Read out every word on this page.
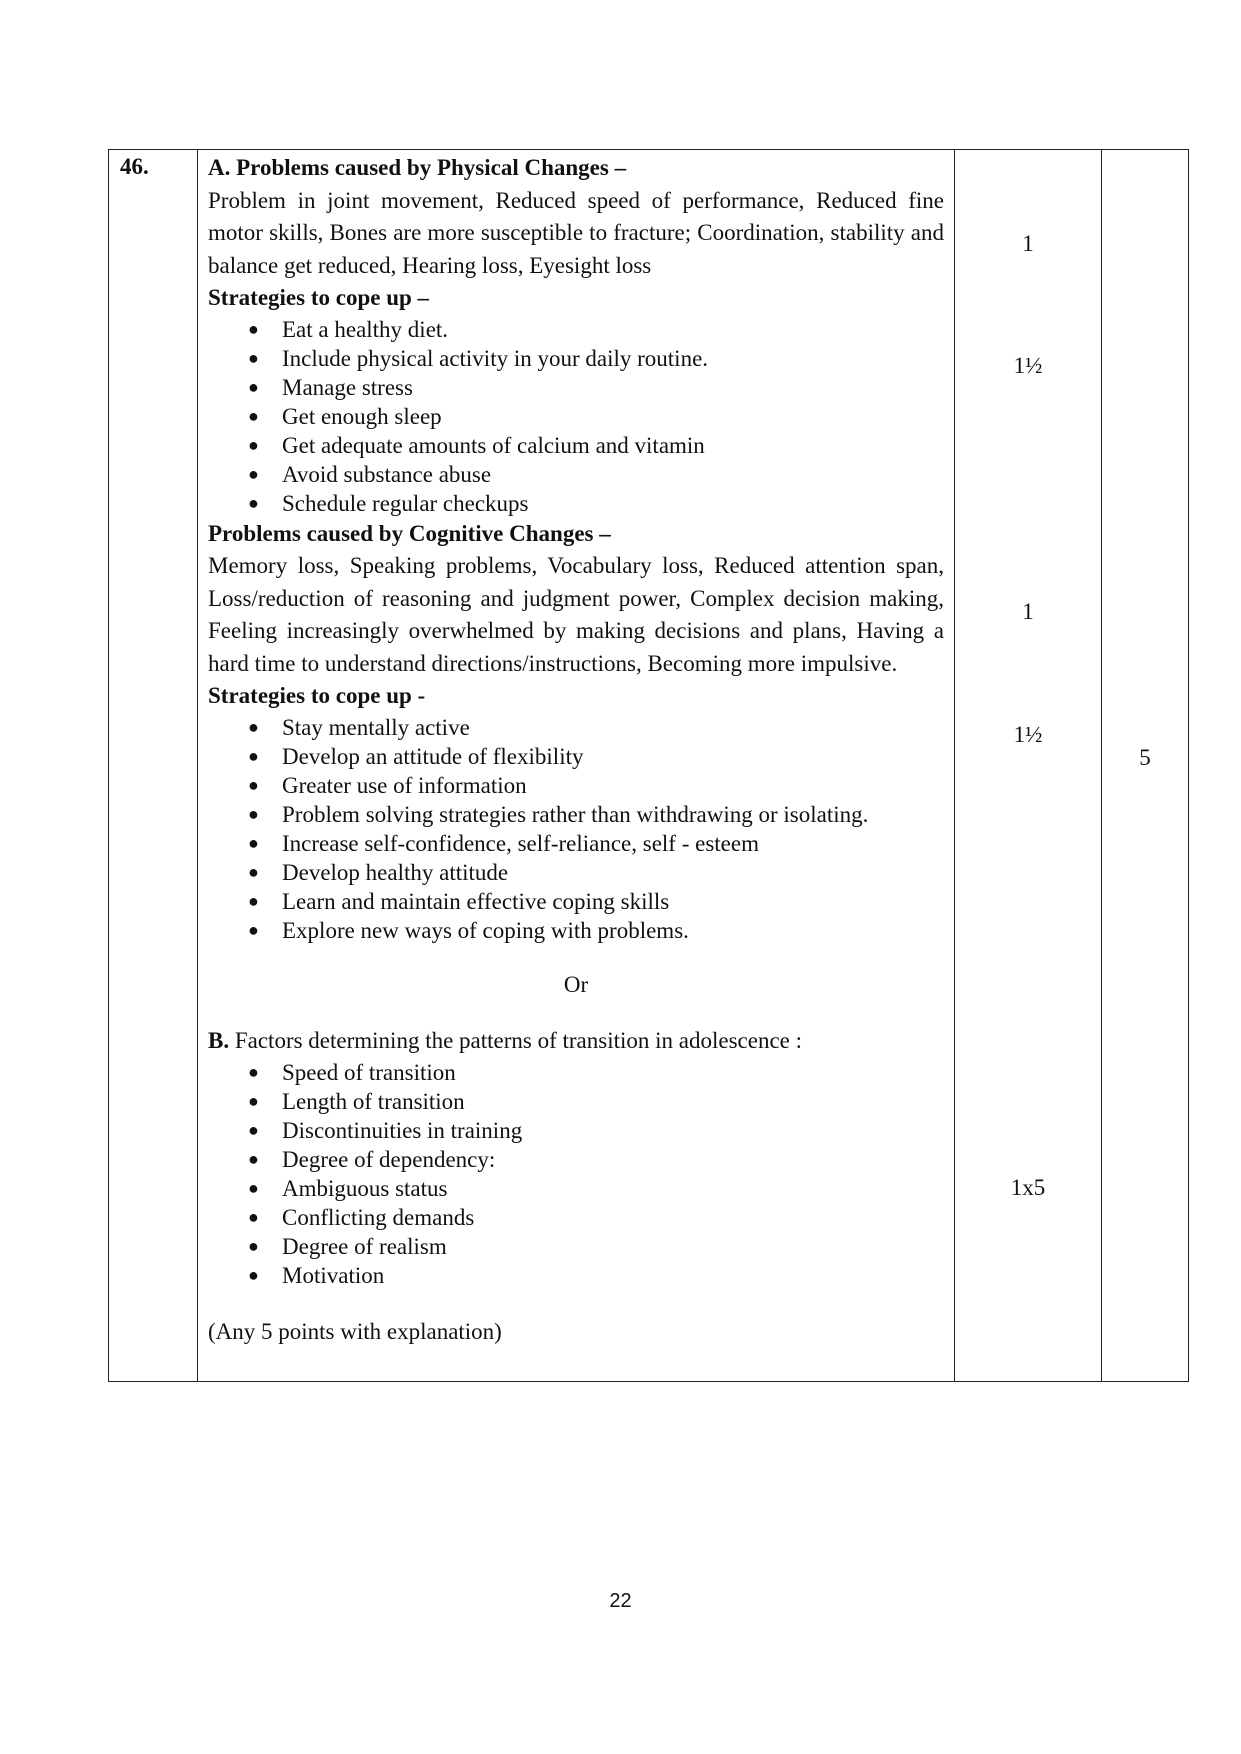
46.	A. Problems caused by Physical Changes –

Problem in joint movement, Reduced speed of performance, Reduced fine motor skills, Bones are more susceptible to fracture; Coordination, stability and balance get reduced, Hearing loss, Eyesight loss

Strategies to cope up –

● Eat a healthy diet.
● Include physical activity in your daily routine.
● Manage stress
● Get enough sleep
● Get adequate amounts of calcium and vitamin
● Avoid substance abuse
● Schedule regular checkups

Problems caused by Cognitive Changes –

Memory loss, Speaking problems, Vocabulary loss, Reduced attention span, Loss/reduction of reasoning and judgment power, Complex decision making, Feeling increasingly overwhelmed by making decisions and plans, Having a hard time to understand directions/instructions, Becoming more impulsive.

Strategies to cope up -

● Stay mentally active
● Develop an attitude of flexibility
● Greater use of information
● Problem solving strategies rather than withdrawing or isolating.
● Increase self-confidence, self-reliance, self - esteem
● Develop healthy attitude
● Learn and maintain effective coping skills
● Explore new ways of coping with problems.

Or

B. Factors determining the patterns of transition in adolescence :

● Speed of transition
● Length of transition
● Discontinuities in training
● Degree of dependency:
● Ambiguous status
● Conflicting demands
● Degree of realism
● Motivation

(Any 5 points with explanation)

1
1½
1
1½
1x5
5
22
